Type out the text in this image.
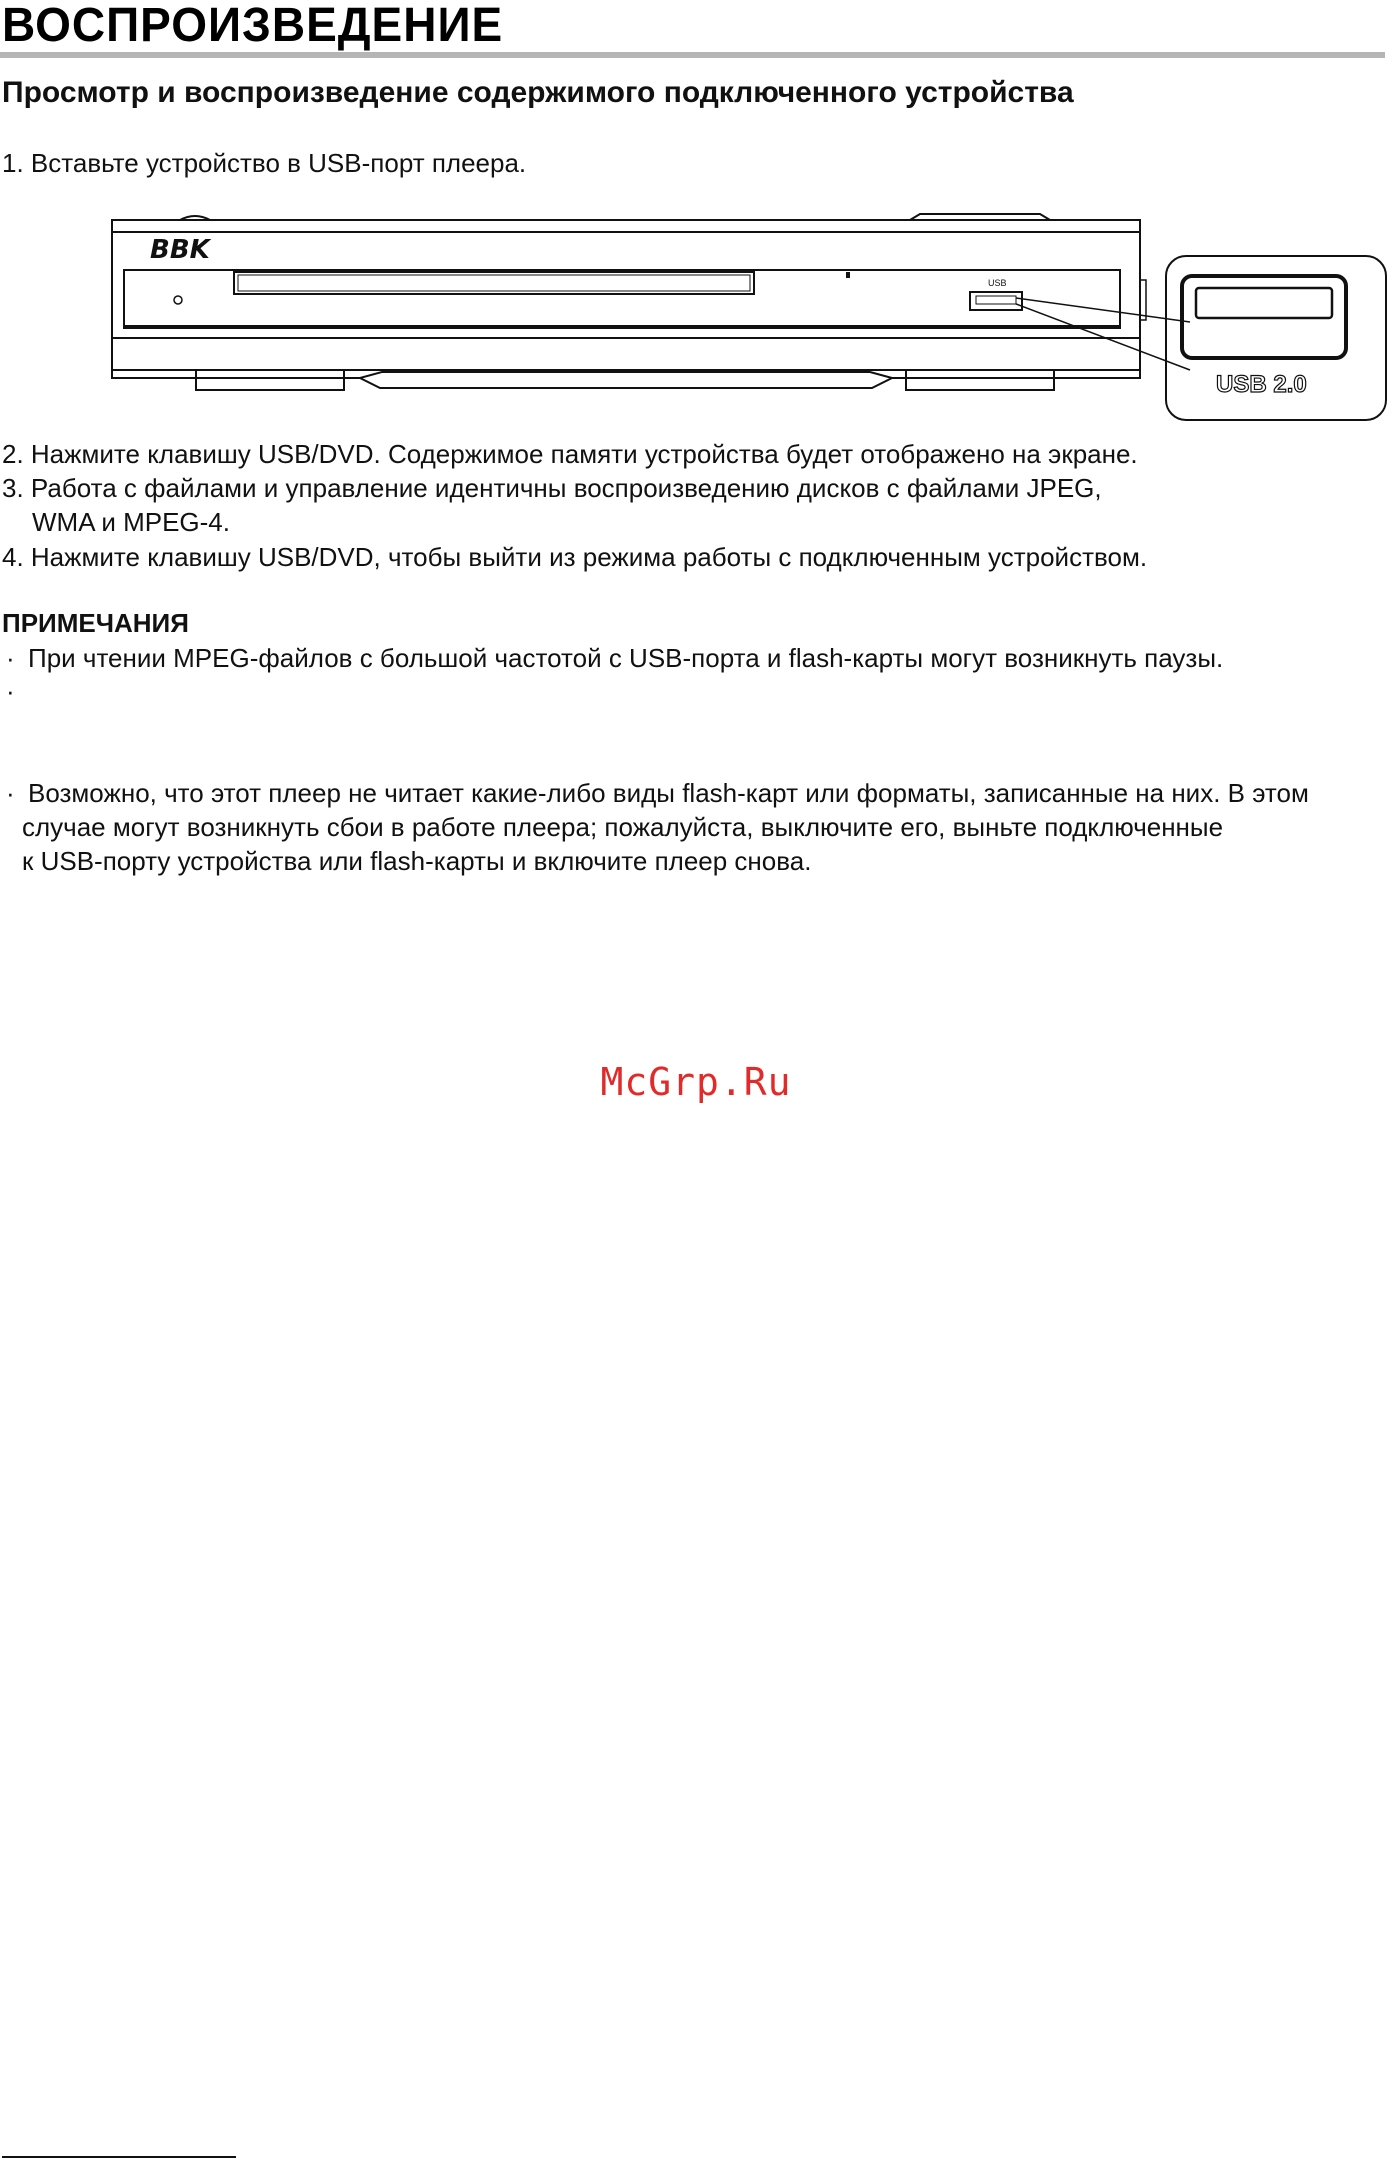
ВОСПРОИЗВЕДЕНИЕ
Просмотр и воспроизведение содержимого подключенного устройства
1. Вставьте устройство в USB-порт плеера.
BBK
USB
USB 2.0
2. Нажмите клавишу USB/DVD. Содержимое памяти устройства будет отображено на экране.
3. Работа с файлами и управление идентичны воспроизведению дисков с файлами JPEG,
WMA и MPEG-4.
4. Нажмите клавишу USB/DVD, чтобы выйти из режима работы с подключенным устройством.
ПРИМЕЧАНИЯ
· При чтении MPEG-файлов с большой частотой с USB-порта и flash-карты могут возникнуть паузы.
·
· Возможно, что этот плеер не читает какие-либо виды flash-карт или форматы, записанные на них. В этом
случае могут возникнуть сбои в работе плеера; пожалуйста, выключите его, выньте подключенные
к USB-порту устройства или flash-карты и включите плеер снова.
McGrp.Ru
